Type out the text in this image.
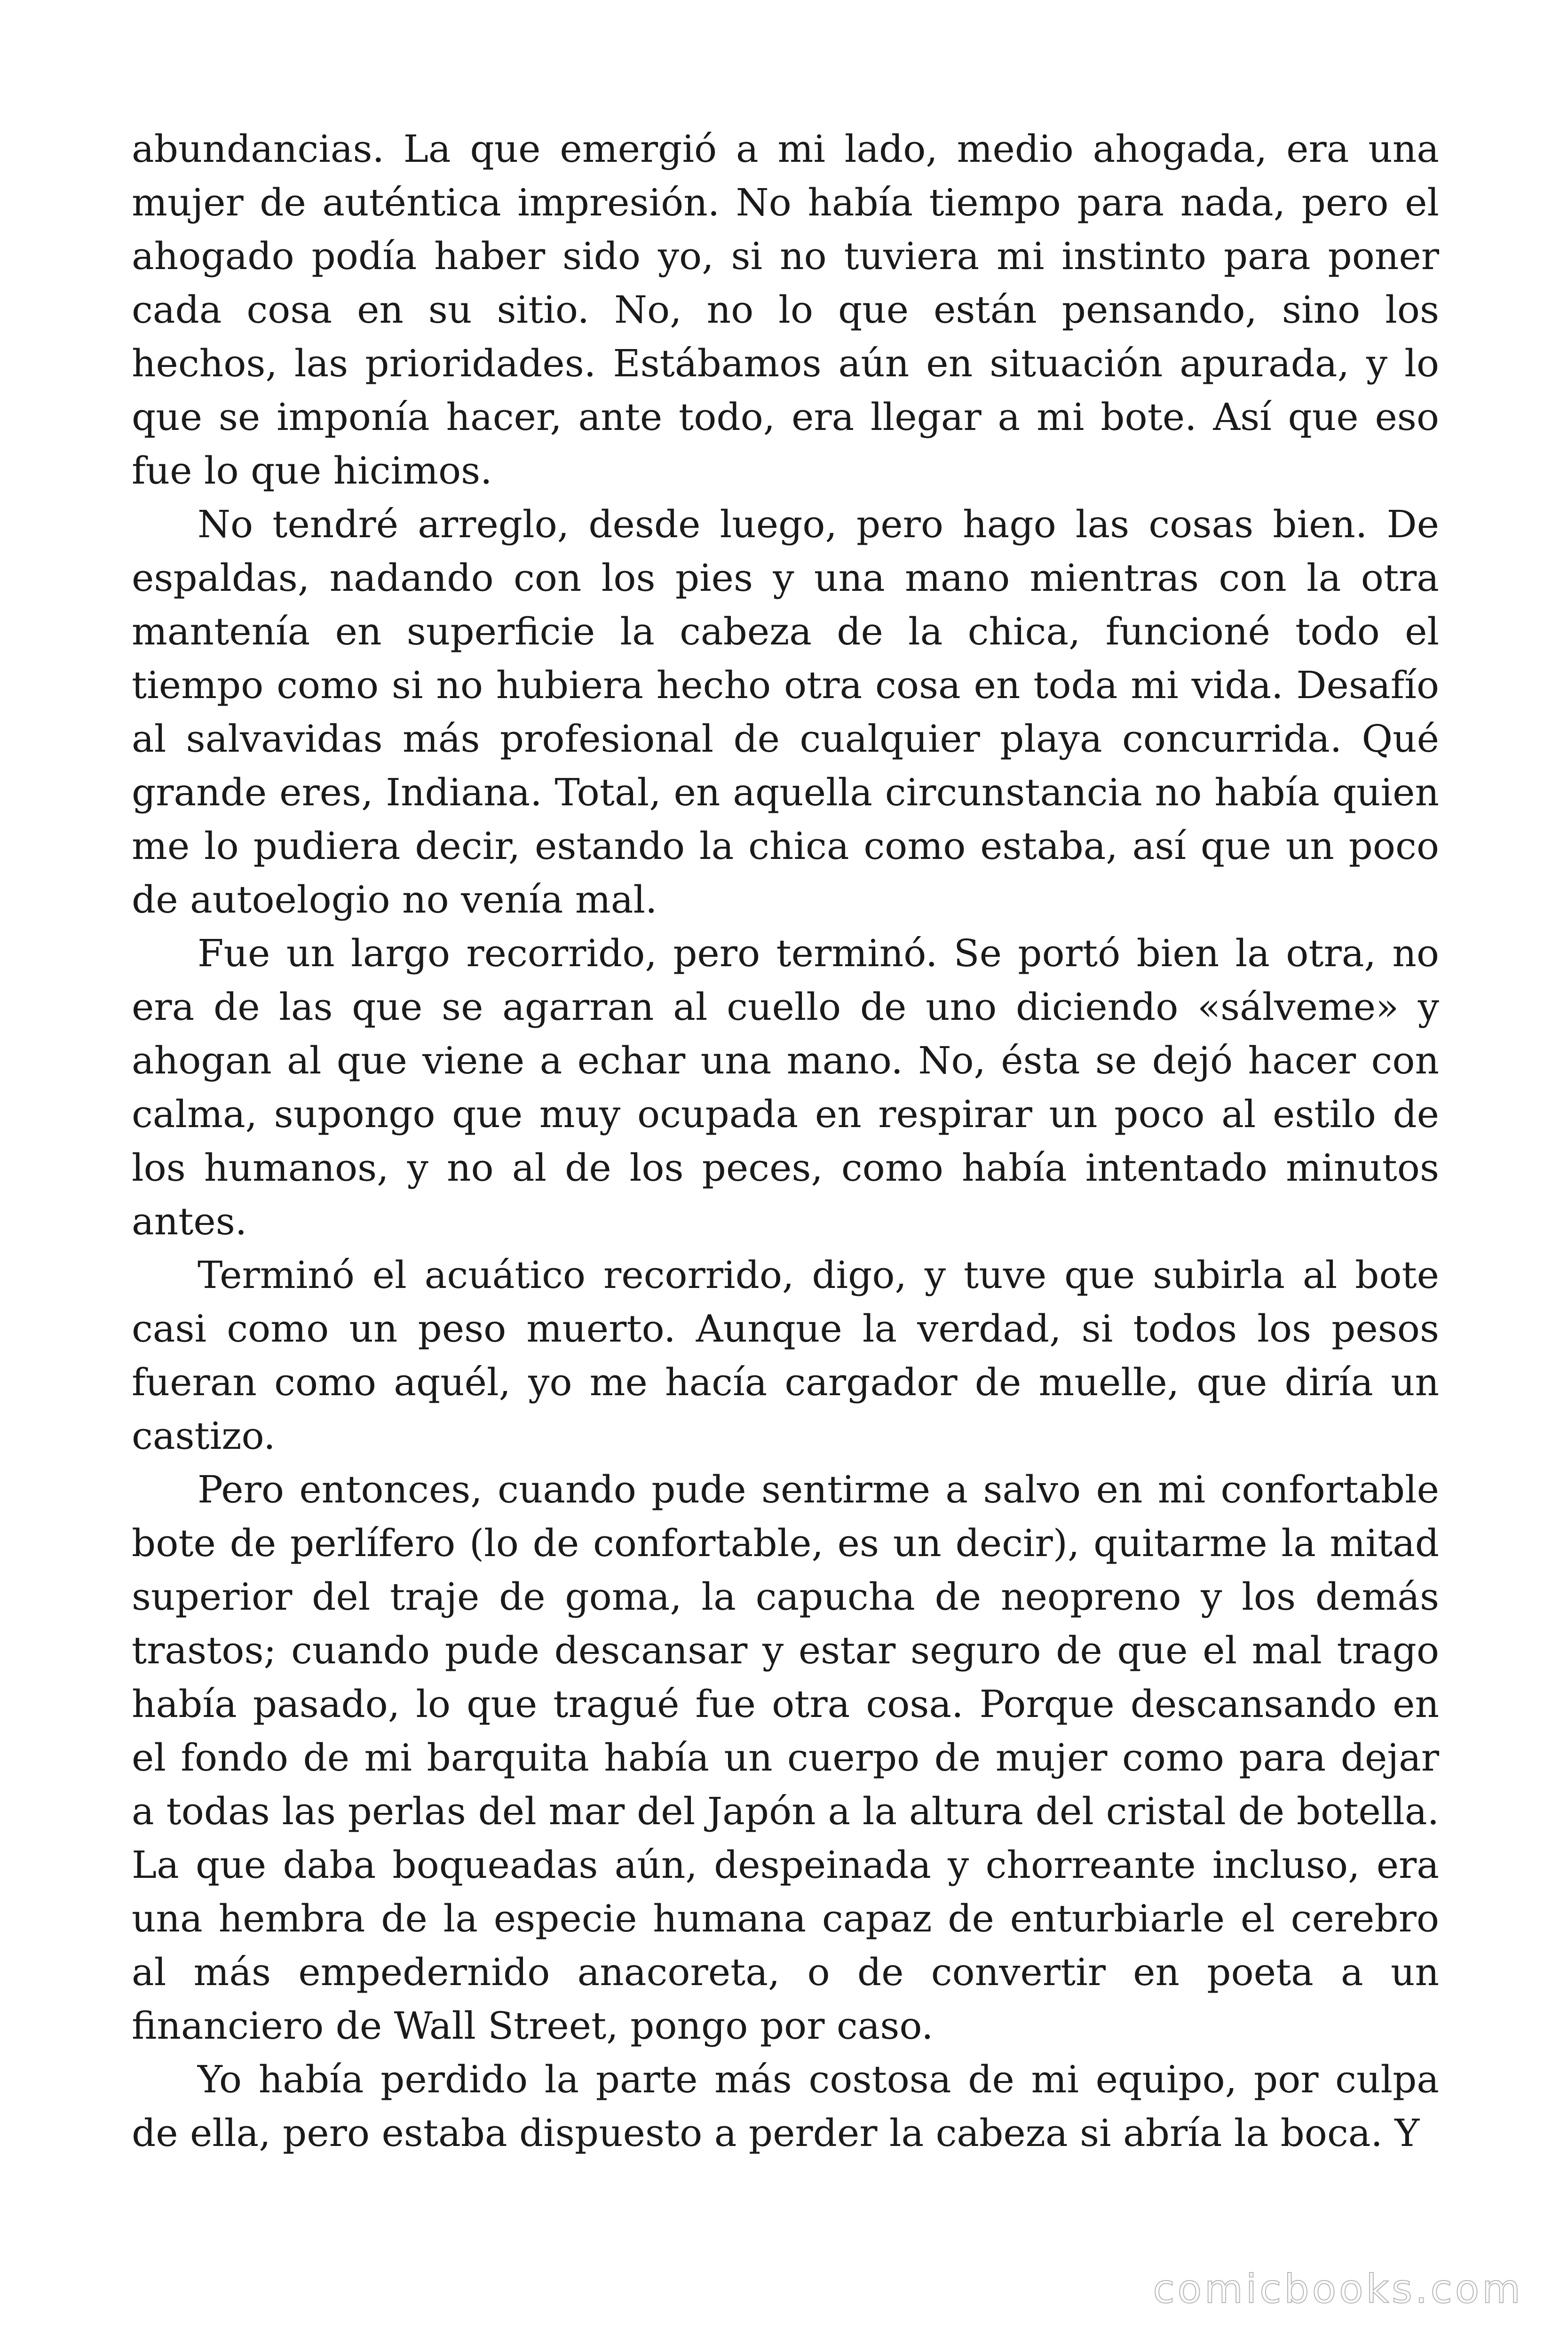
abundancias. La que emergió a mi lado, medio ahogada, era una mujer de auténtica impresión. No había tiempo para nada, pero el ahogado podía haber sido yo, si no tuviera mi instinto para poner cada cosa en su sitio. No, no lo que están pensando, sino los hechos, las prioridades. Estábamos aún en situación apurada, y lo que se imponía hacer, ante todo, era llegar a mi bote. Así que eso fue lo que hicimos.

No tendré arreglo, desde luego, pero hago las cosas bien. De espaldas, nadando con los pies y una mano mientras con la otra mantenía en superficie la cabeza de la chica, funcioné todo el tiempo como si no hubiera hecho otra cosa en toda mi vida. Desafío al salvavidas más profesional de cualquier playa concurrida. Qué grande eres, Indiana. Total, en aquella circunstancia no había quien me lo pudiera decir, estando la chica como estaba, así que un poco de autoelogio no venía mal.

Fue un largo recorrido, pero terminó. Se portó bien la otra, no era de las que se agarran al cuello de uno diciendo «sálveme» y ahogan al que viene a echar una mano. No, ésta se dejó hacer con calma, supongo que muy ocupada en respirar un poco al estilo de los humanos, y no al de los peces, como había intentado minutos antes.

Terminó el acuático recorrido, digo, y tuve que subirla al bote casi como un peso muerto. Aunque la verdad, si todos los pesos fueran como aquél, yo me hacía cargador de muelle, que diría un castizo.

Pero entonces, cuando pude sentirme a salvo en mi confortable bote de perlífero (lo de confortable, es un decir), quitarme la mitad superior del traje de goma, la capucha de neopreno y los demás trastos; cuando pude descansar y estar seguro de que el mal trago había pasado, lo que tragué fue otra cosa. Porque descansando en el fondo de mi barquita había un cuerpo de mujer como para dejar a todas las perlas del mar del Japón a la altura del cristal de botella. La que daba boqueadas aún, despeinada y chorreante incluso, era una hembra de la especie humana capaz de enturbiarle el cerebro al más empedernido anacoreta, o de convertir en poeta a un financiero de Wall Street, pongo por caso.

Yo había perdido la parte más costosa de mi equipo, por culpa de ella, pero estaba dispuesto a perder la cabeza si abría la boca. Y

comicbooks.com
